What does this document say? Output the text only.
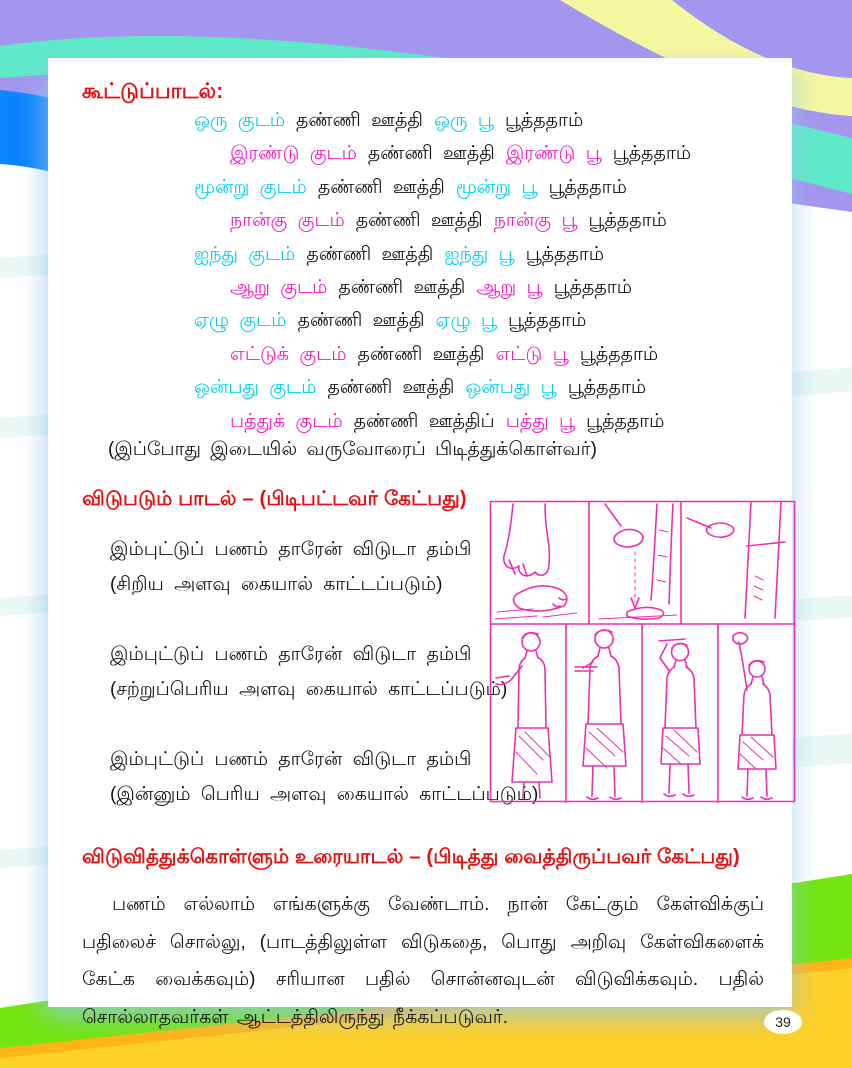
கூட்டுப்பாடல்:
ஒரு குடம் தண்ணி ஊத்தி ஒரு பூ பூத்ததாம்
இரண்டு குடம் தண்ணி ஊத்தி இரண்டு பூ பூத்ததாம்
மூன்று குடம் தண்ணி ஊத்தி மூன்று பூ பூத்ததாம்
நான்கு குடம் தண்ணி ஊத்தி நான்கு பூ பூத்ததாம்
ஐந்து குடம் தண்ணி ஊத்தி ஐந்து பூ பூத்ததாம்
ஆறு குடம் தண்ணி ஊத்தி ஆறு பூ பூத்ததாம்
ஏழு குடம் தண்ணி ஊத்தி ஏழு பூ பூத்ததாம்
எட்டுக் குடம் தண்ணி ஊத்தி எட்டு பூ பூத்ததாம்
ஒன்பது குடம் தண்ணி ஊத்தி ஒன்பது பூ பூத்ததாம்
பத்துக் குடம் தண்ணி ஊத்திப் பத்து பூ பூத்ததாம்
(இப்போது இடையில் வருவோரைப் பிடித்துக்கொள்வர்)
விடுபடும் பாடல் – (பிடிபட்டவர் கேட்பது)
இம்புட்டுப் பணம் தாரேன் விடுடா தம்பி
(சிறிய அளவு கையால் காட்டப்படும்)
இம்புட்டுப் பணம் தாரேன் விடுடா தம்பி
(சற்றுப்பெரிய அளவு கையால் காட்டப்படும்)
இம்புட்டுப் பணம் தாரேன் விடுடா தம்பி
(இன்னும் பெரிய அளவு கையால் காட்டப்படும்)
விடுவித்துக்கொள்ளும் உரையாடல் – (பிடித்து வைத்திருப்பவர் கேட்பது)
பணம் எல்லாம் எங்களுக்கு வேண்டாம். நான் கேட்கும் கேள்விக்குப் பதிலைச் சொல்லு, (பாடத்திலுள்ள விடுகதை, பொது அறிவு கேள்விகளைக் கேட்க வைக்கவும்) சரியான பதில் சொன்னவுடன் விடுவிக்கவும். பதில் சொல்லாதவர்கள் ஆட்டத்திலிருந்து நீக்கப்படுவர்.	39
